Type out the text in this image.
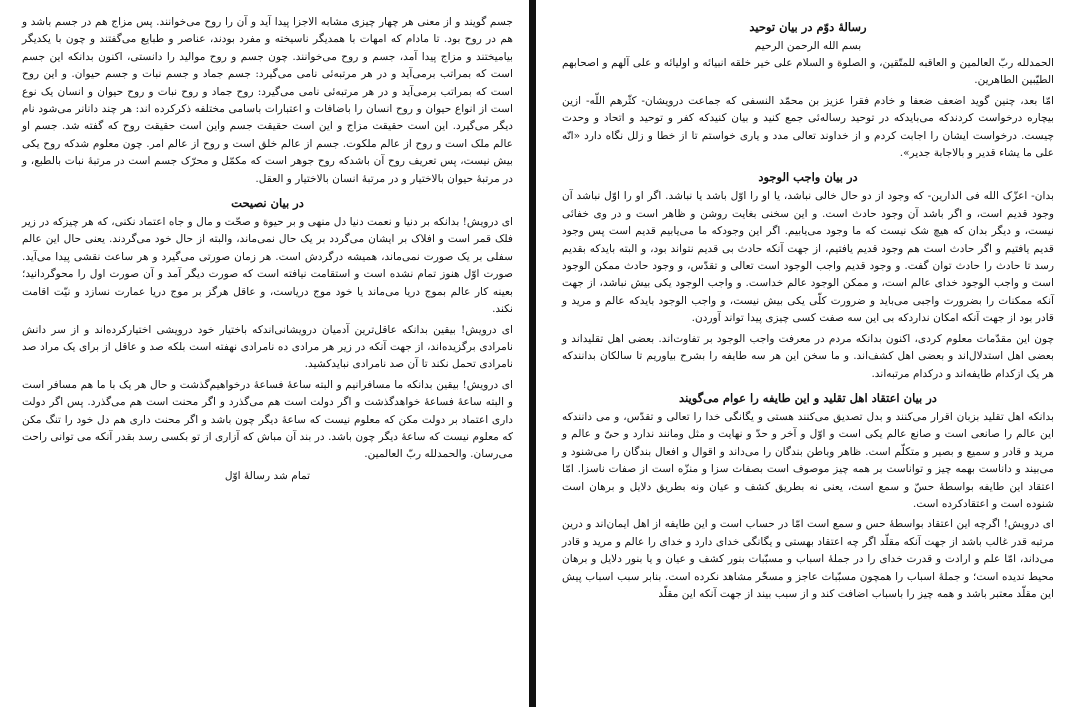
جسم گویند و از معنی هر چهار چیزی مشابه الاجزا پیدا آید و آن را روح می‌خوانند. پس مزاج هم در جسم باشد و هم در روح بود. تا مادام که امهات با همدیگر ناسیخته و مفرد بودند، عناصر و طبایع می‌گفتند و چون با یکدیگر بیامیختند و مزاج پیدا آمد، جسم و روح می‌خوانند. چون جسم و روح موالید را دانستی، اکنون بدانکه این جسم است که بمراتب برمی‌آید و در هر مرتبه‌ئی نامی می‌گیرد: جسم جماد و جسم نبات و جسم حیوان. و این روح است که بمراتب برمی‌آید و در هر مرتبه‌ئی نامی می‌گیرد: روح جماد و روح نبات و روح حیوان و انسان یک نوع است از انواع حیوان و روح انسان را باضافات و اعتبارات باسامی مختلفه ذکرکرده اند: هر چند دانانر می‌شود نام دیگر می‌گیرد. این است حقیقت مزاج و این است حقیقت جسم واین است حقیقت روح که گفته شد. جسم او عالم ملک است و روح از عالم ملکوت. جسم از عالم خلق است و روح از عالم امر. چون معلوم شدکه روح یکی بیش نیست، پس تعریف روح آن باشدکه روح جوهر است که مکمّل و محرّک جسم است در مرتبهٔ نبات بالطبع، و در مرتبهٔ حیوان بالاختیار و در مرتبهٔ انسان بالاختیار و العقل.

در بیان نصیحت

ای درویش! بدانکه بر دنیا و نعمت دنیا دل منهی و بر حیوة و صحّت و مال و جاه اعتماد نکنی، که هر چیزکه در زیر فلک قمر است و افلاک بر ایشان می‌گردد بر یک حال نمی‌ماند، والبته از حال خود می‌گردند. یعنی حال این عالم سفلی بر یک صورت نمی‌ماند، همیشه درگردش است. هر زمان صورتی می‌گیرد و هر ساعت نقشی پیدا می‌آید. صورت اوّل هنوز تمام نشده است و استقامت نیافته است که صورت دیگر آمد و آن صورت اول را محوگردانید؛ بعینه کار عالم بموج دریا می‌ماند یا خود موج دریاست، و عاقل هرگز بر موج دریا عمارت نسازد و نیّت اقامت نکند.

ای درویش! بیقین بدانکه عاقل‌ترین آدمیان درویشانی‌اندکه باختیار خود درویشی اختیارکرده‌اند و از سر دانش نامرادی برگزیده‌اند، از جهت آنکه در زیر هر مرادی ده نامرادی نهفته است بلکه صد و عاقل از برای یک مراد صد نامرادی تحمل نکند تا آن صد نامرادی نبایدکشید.

ای درویش! بیقین بدانکه ما مسافرانیم و البته ساعهٔ فساعهٔ درخواهیم‌گذشت و حال هر یک با ما هم مسافر است و البته ساعهٔ فساعهٔ خواهدگذشت و اگر دولت است هم می‌گذرد و اگر محنت است هم می‌گذرد. پس اگر دولت داری اعتماد بر دولت مکن که معلوم نیست که ساعهٔ دیگر چون باشد و اگر محنت داری هم دل خود را تنگ مکن که معلوم نیست که ساعهٔ دیگر چون باشد. در بند آن مباش که آزاری از تو بکسی رسد بقدر آنکه می توانی راحت می‌رسان. والحمدلله ربّ العالمین.

تمام شد رسالهٔ اوّل

رسالهٔ دوّم در بیان توحید

بسم الله الرحمن الرحیم

الحمدلله ربّ العالمین و العاقبه للمتّقین، و الصلوة و السلام علی خیر خلقه انبیائه و اولیائه و علی آلهم و اصحابهم الطیّبین الطاهرین.

امّا بعد، چنین گوید اضعف ضعفا و خادم فقرا عزیز بن محمّد النسفی که جماعت درویشان- کثّرهم اللّه- ازین بیچاره درخواست کردندکه می‌بایدکه در توحید رساله‌ئی جمع کنید و بیان کنیدکه کفر و توحید و اتحاد و وحدت چیست. درخواست ایشان را اجابت کردم و از خداوند تعالی مدد و یاری خواستم تا از خطا و زلل نگاه دارد «انّه علی ما یشاء قدیر و بالاجابة جدیر».

در بیان واجب الوجود

بدان- اعزّک الله فی الدارین- که وجود از دو حال خالی نباشد، یا او را اوّل باشد یا نباشد. اگر او را اوّل نباشد آن وجود قدیم است، و اگر باشد آن وجود حادث است. و این سخنی بغایت روشن و ظاهر است و در وی خفائی نیست، و دیگر بدان که هیچ شک نیست که ما وجود می‌یابیم. اگر این وجودکه ما می‌یابیم قدیم است پس وجود قدیم یافتیم و اگر حادث است هم وجود قدیم یافتیم، از جهت آنکه حادث بی قدیم نتواند بود، و البته بایدکه بقدیم رسد تا حادث را حادث توان گفت. و وجود قدیم واجب الوجود است تعالی و تقدّس، و وجود حادث ممکن الوجود است و واجب الوجود خدای عالم است، و ممکن الوجود عالم خداست. و واجب الوجود یکی بیش نباشد، از جهت آنکه ممکنات را بضرورت واجبی می‌باید و ضرورت کلّی یکی بیش نیست، و واجب الوجود بایدکه عالم و مرید و قادر بود از جهت آنکه امکان نداردکه بی این سه صفت کسی چیزی پیدا تواند آوردن.

چون این مقدّمات معلوم کردی، اکنون بدانکه مردم در معرفت واجب الوجود بر تفاوت‌اند. بعضی اهل تقلیداند و بعضی اهل استدلال‌اند و بعضی اهل کشف‌اند. و ما سخن این هر سه طایفه را بشرح بیاوریم تا سالکان بدانندکه هر یک ازکدام طایفه‌اند و درکدام مرتبه‌اند.

در بیان اعتقاد اهل تقلید و این طایفه را عوام می‌گویند

بدانکه اهل تقلید بزبان اقرار می‌کنند و بدل تصدیق می‌کنند هستی و یگانگی خدا را تعالی و تقدّس، و می دانندکه این عالم را صانعی است و صانع عالم یکی است و اوّل و آخر و حدّ و نهایت و مثل ومانند ندارد و حیّ و عالم و مرید و قادر و سمیع و بصیر و متکلّم است. ظاهر وباطن بندگان را می‌داند و اقوال و افعال بندگان را می‌شنود و می‌بیند و داناست بهمه چیز و تواناست بر همه چیز موصوف است بصفات سزا و منزّه است از صفات ناسزا. امّا اعتقاد این طایفه بواسطهٔ حسّ و سمع است، یعنی نه بطریق کشف و عیان ونه بطریق دلایل و برهان است شنوده است و اعتقادکرده است.

ای درویش! اگرچه این اعتقاد بواسطهٔ حس و سمع است امّا در حساب است و این طایفه از اهل ایمان‌اند و درین مرتبه قدر غالب باشد از جهت آنکه مقلّد اگر چه اعتقاد بهستی و یگانگی خدای دارد و خدای را عالم و مرید و قادر می‌داند، امّا علم و ارادت و قدرت خدای را در جملهٔ اسباب و مسبّبات بنور کشف و عیان و یا بنور دلایل و برهان محیط ندیده است؛ و جملهٔ اسباب را همچون مسبّبات عاجز و مسخّر مشاهد نکرده است. بنابر سبب اسباب پیش این مقلّد معتبر باشد و همه چیز را باسباب اضافت کند و از سبب بیند از جهت آنکه این مقلّد
